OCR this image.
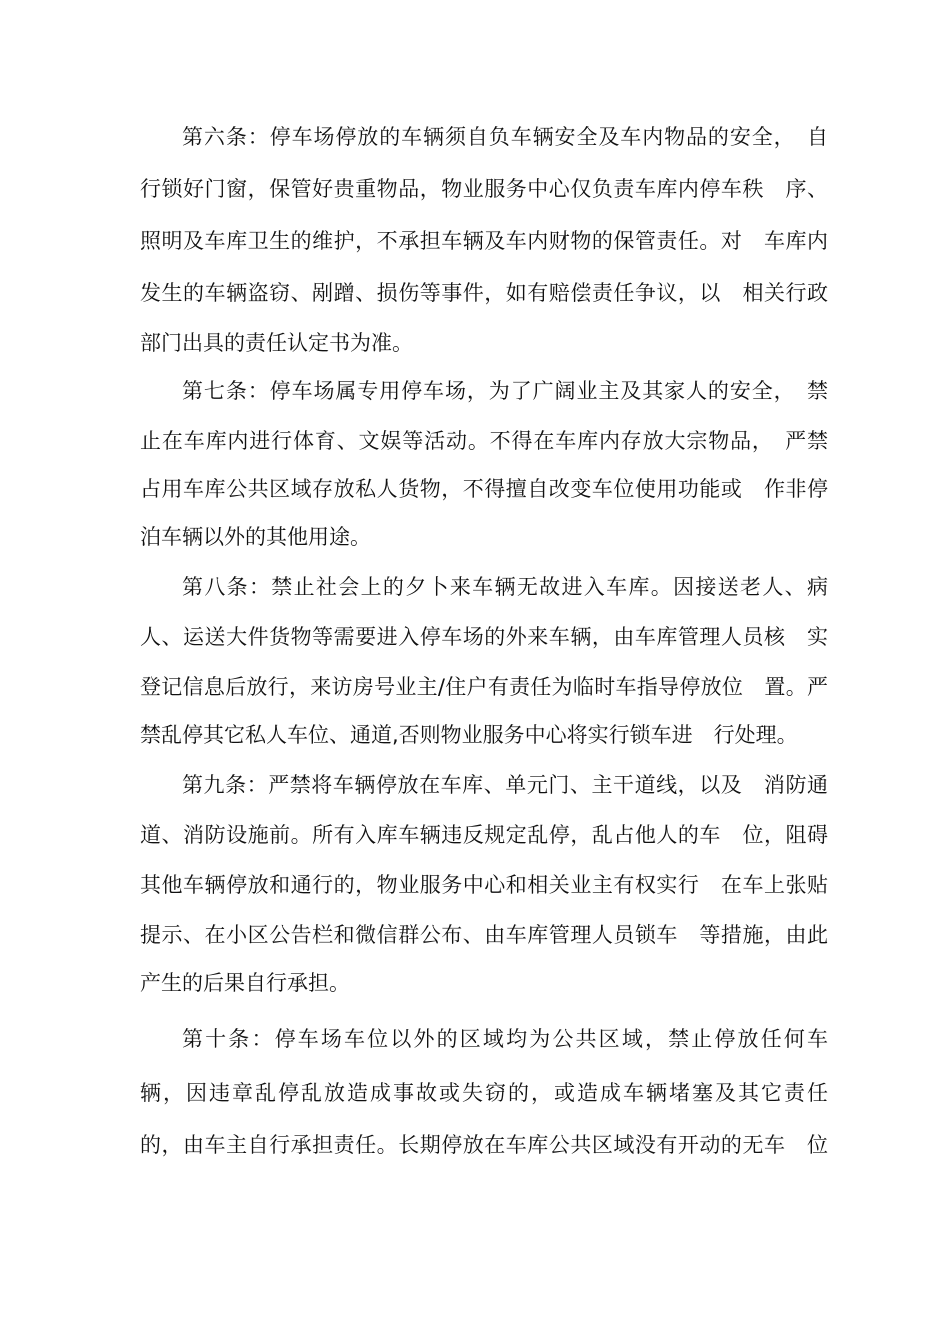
第六条：停车场停放的车辆须自负车辆安全及车内物品的安全，　自
行锁好门窗，保管好贵重物品，物业服务中心仅负责车库内停车秩　序、
照明及车库卫生的维护，不承担车辆及车内财物的保管责任。对　车库内
发生的车辆盗窃、剐蹭、损伤等事件，如有赔偿责任争议，以　相关行政
部门出具的责任认定书为准。
第七条：停车场属专用停车场，为了广阔业主及其家人的安全，　禁
止在车库内进行体育、文娱等活动。不得在车库内存放大宗物品，　严禁
占用车库公共区域存放私人货物，不得擅自改变车位使用功能或　作非停
泊车辆以外的其他用途。
第八条：禁止社会上的夕卜来车辆无故进入车库。因接送老人、病
人、运送大件货物等需要进入停车场的外来车辆，由车库管理人员核　实
登记信息后放行，来访房号业主/住户有责任为临时车指导停放位　置。严
禁乱停其它私人车位、通道,否则物业服务中心将实行锁车进　行处理。
第九条：严禁将车辆停放在车库、单元门、主干道线，以及　消防通
道、消防设施前。所有入库车辆违反规定乱停，乱占他人的车　位，阻碍
其他车辆停放和通行的，物业服务中心和相关业主有权实行　在车上张贴
提示、在小区公告栏和微信群公布、由车库管理人员锁车　等措施，由此
产生的后果自行承担。
第十条：停车场车位以外的区域均为公共区域，禁止停放任何车
辆，因违章乱停乱放造成事故或失窃的，或造成车辆堵塞及其它责任
的，由车主自行承担责任。长期停放在车库公共区域没有开动的无车　位
